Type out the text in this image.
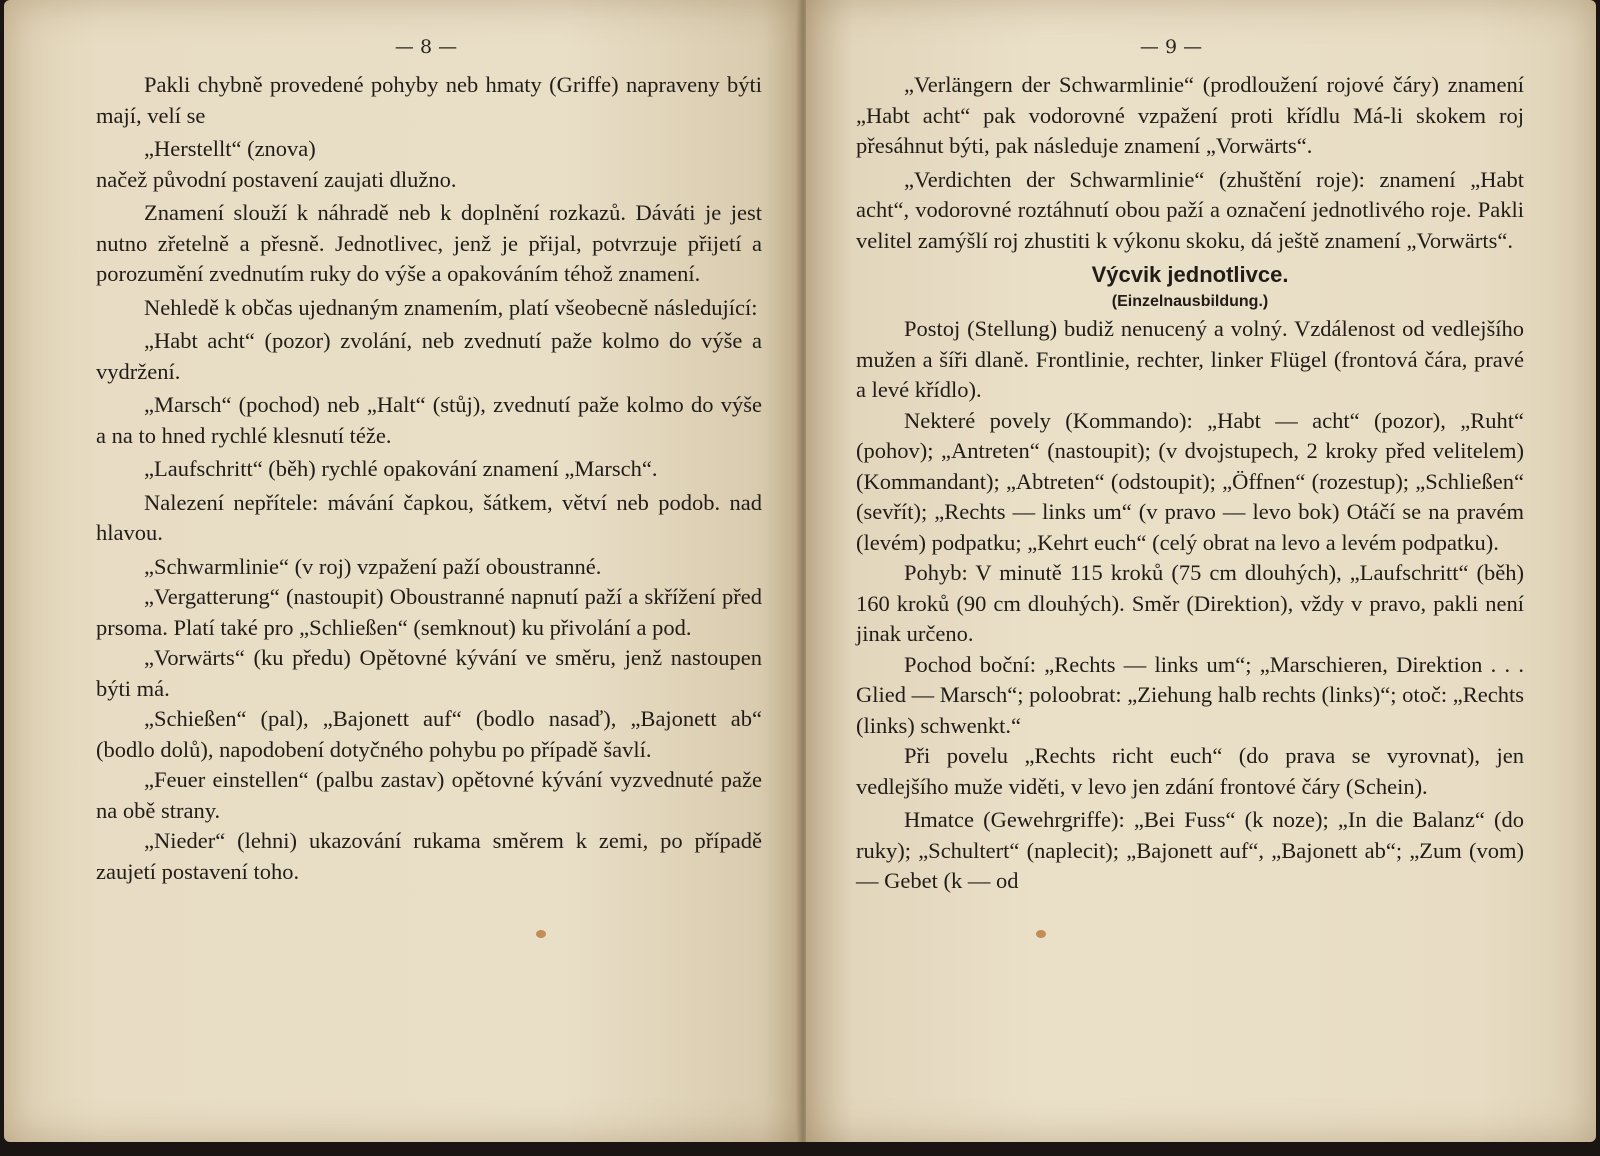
— 8 —	— 9 —

Pakli chybně provedené pohyby neb hmaty (Griffe) napraveny býti mají, velí se

„Herstellt“ (znova)

načež původní postavení zaujati dlužno.

Znamení slouží k náhradě neb k doplnění rozkazů. Dáváti je jest nutno zřetelně a přesně. Jednotlivec, jenž je přijal, potvrzuje přijetí a porozumění zvednutím ruky do výše a opakováním téhož znamení.

Nehledě k občas ujednaným znamením, platí všeobecně následující:

„Habt acht“ (pozor) zvolání, neb zvednutí paže kolmo do výše a vydržení.

„Marsch“ (pochod) neb „Halt“ (stůj), zvednutí paže kolmo do výše a na to hned rychlé klesnutí téže.

„Laufschritt“ (běh) rychlé opakování znamení „Marsch“.

Nalezení nepřítele: mávání čapkou, šátkem, větví neb podob. nad hlavou.

„Schwarmlinie“ (v roj) vzpažení paží oboustranné.

„Vergatterung“ (nastoupit) Oboustranné napnutí paží a skřížení před prsoma. Platí také pro „Schließen“ (semknout) ku přivolání a pod.

„Vorwärts“ (ku předu) Opětovné kývání ve směru, jenž nastoupen býti má.

„Schießen“ (pal), „Bajonett auf“ (bodlo nasaď), „Bajonett ab“ (bodlo dolů), napodobení dotyčného pohybu po případě šavlí.

„Feuer einstellen“ (palbu zastav) opětovné kývání vyzvednuté paže na obě strany.

„Nieder“ (lehni) ukazování rukama směrem k zemi, po případě zaujetí postavení toho.

„Verlängern der Schwarmlinie“ (prodloužení rojové čáry) znamení „Habt acht“ pak vodorovné vzpažení proti křídlu Má-li skokem roj přesáhnut býti, pak následuje znamení „Vorwärts“.

„Verdichten der Schwarmlinie“ (zhuštění roje): znamení „Habt acht“, vodorovné roztáhnutí obou paží a označení jednotlivého roje. Pakli velitel zamýšlí roj zhustiti k výkonu skoku, dá ještě znamení „Vorwärts“.

Výcvik jednotlivce.
(Einzelnausbildung.)

Postoj (Stellung) budiž nenucený a volný. Vzdálenost od vedlejšího mužen a šíři dlaně. Frontlinie, rechter, linker Flügel (frontová čára, pravé a levé křídlo).

Nekteré povely (Kommando): „Habt — acht“ (pozor), „Ruht“ (pohov); „Antreten“ (nastoupit); (v dvojstupech, 2 kroky před velitelem) (Kommandant); „Abtreten“ (odstoupit); „Öffnen“ (rozestup); „Schließen“ (sevřít); „Rechts — links um“ (v pravo — levo bok) Otáčí se na pravém (levém) podpatku; „Kehrt euch“ (celý obrat na levo a levém podpatku).

Pohyb: V minutě 115 kroků (75 cm dlouhých), „Laufschritt“ (běh) 160 kroků (90 cm dlouhých). Směr (Direktion), vždy v pravo, pakli není jinak určeno.

Pochod boční: „Rechts — links um“; „Marschieren, Direktion . . . Glied — Marsch“; poloobrat: „Ziehung halb rechts (links)“; otoč: „Rechts (links) schwenkt.“

Při povelu „Rechts richt euch“ (do prava se vyrovnat), jen vedlejšího muže viděti, v levo jen zdání frontové čáry (Schein).

Hmatce (Gewehrgriffe): „Bei Fuss“ (k noze); „In die Balanz“ (do ruky); „Schultert“ (naplecit); „Bajonett auf“, „Bajonett ab“; „Zum (vom) — Gebet (k — od
